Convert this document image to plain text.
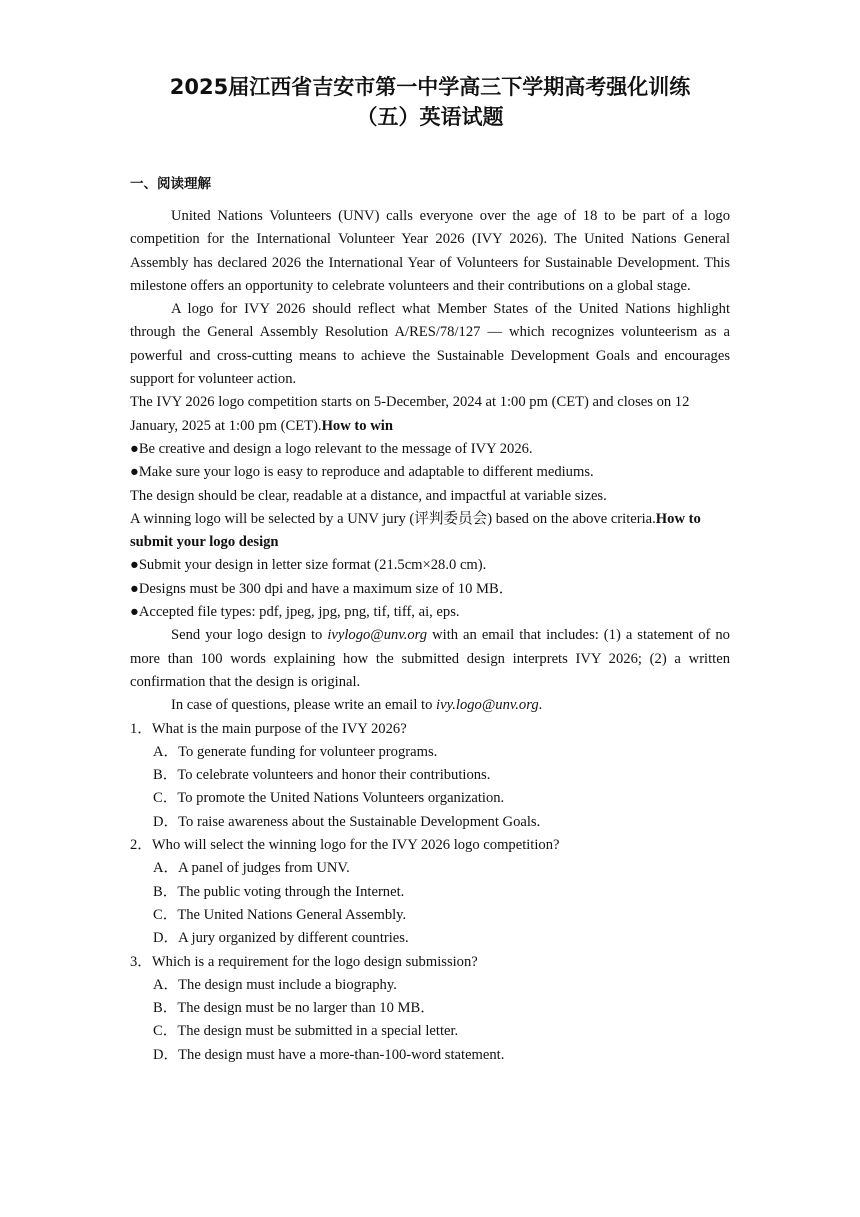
2025届江西省吉安市第一中学高三下学期高考强化训练
（五）英语试题
一、阅读理解

United Nations Volunteers (UNV) calls everyone over the age of 18 to be part of a logo competition for the International Volunteer Year 2026 (IVY 2026). The United Nations General Assembly has declared 2026 the International Year of Volunteers for Sustainable Development. This milestone offers an opportunity to celebrate volunteers and their contributions on a global stage.

A logo for IVY 2026 should reflect what Member States of the United Nations highlight through the General Assembly Resolution A/RES/78/127 — which recognizes volunteerism as a powerful and cross-cutting means to achieve the Sustainable Development Goals and encourages support for volunteer action.

The IVY 2026 logo competition starts on 5-December, 2024 at 1:00 pm (CET) and closes on 12 January, 2025 at 1:00 pm (CET).How to win

●Be creative and design a logo relevant to the message of IVY 2026.

●Make sure your logo is easy to reproduce and adaptable to different mediums.

The design should be clear, readable at a distance, and impactful at variable sizes.

A winning logo will be selected by a UNV jury (评判委员会) based on the above criteria.How to submit your logo design

●Submit your design in letter size format (21.5cm×28.0 cm).

●Designs must be 300 dpi and have a maximum size of 10 MB．

●Accepted file types: pdf, jpeg, jpg, png, tif, tiff, ai, eps.

Send your logo design to ivylogo@unv.org with an email that includes: (1) a statement of no more than 100 words explaining how the submitted design interprets IVY 2026; (2) a written confirmation that the design is original.

In case of questions, please write an email to ivy.logo@unv.org.

1．What is the main purpose of the IVY 2026?

A．To generate funding for volunteer programs.

B．To celebrate volunteers and honor their contributions.

C．To promote the United Nations Volunteers organization.

D．To raise awareness about the Sustainable Development Goals.

2．Who will select the winning logo for the IVY 2026 logo competition?

A．A panel of judges from UNV.

B．The public voting through the Internet.

C．The United Nations General Assembly.

D．A jury organized by different countries.

3．Which is a requirement for the logo design submission?

A．The design must include a biography.

B．The design must be no larger than 10 MB．

C．The design must be submitted in a special letter.

D．The design must have a more-than-100-word statement.
